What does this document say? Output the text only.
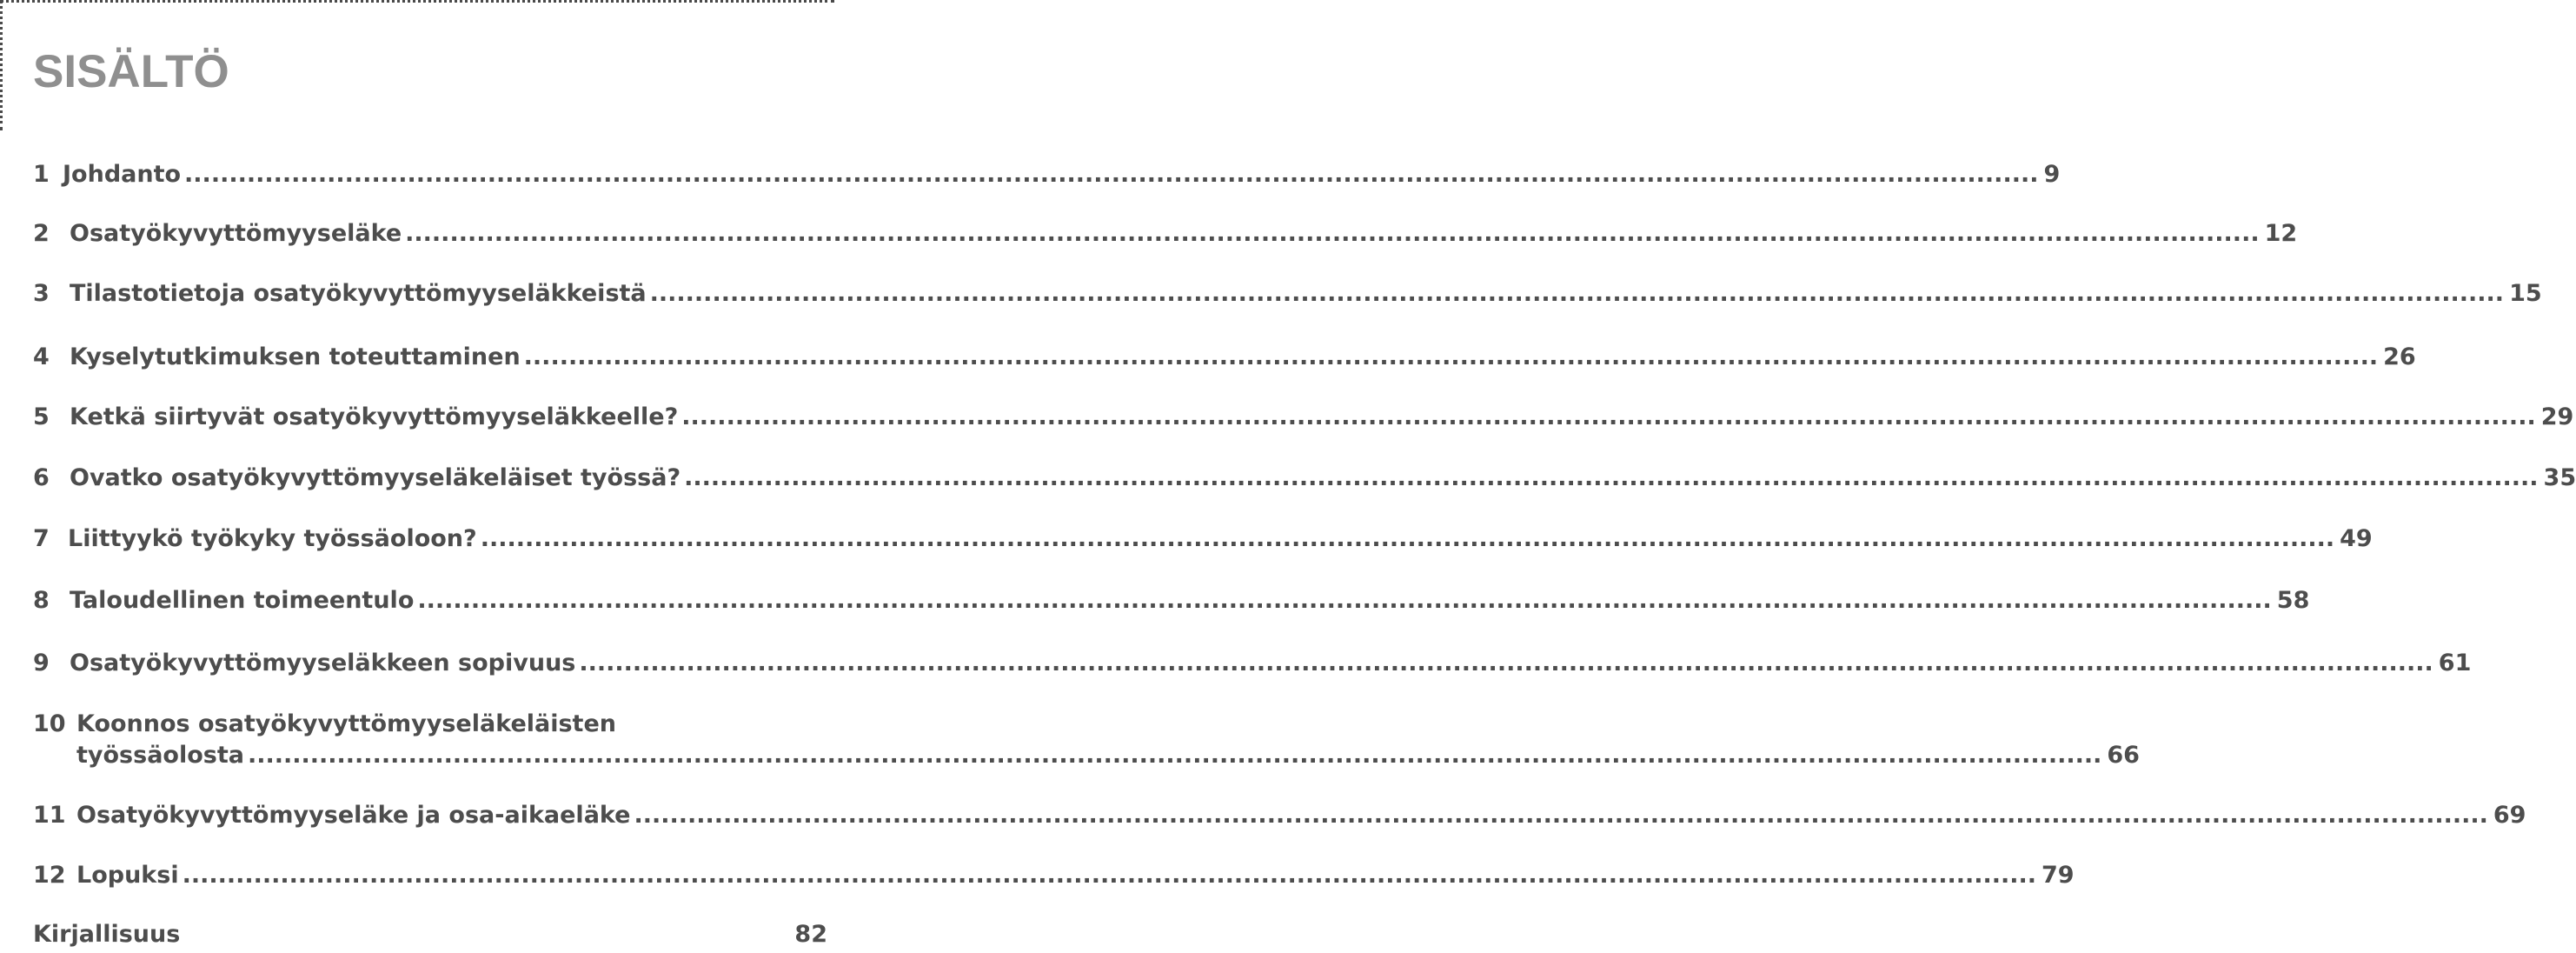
SISÄLTÖ
1 Johdanto .....	9
2 Osatyökyvyttömyyseläke .....	12
3 Tilastotietoja osatyökyvyttömyyseläkkeistä .....	15
4 Kyselytutkimuksen toteuttaminen .....	26
5 Ketkä siirtyvät osatyökyvyttömyyseläkkeelle? .....	29
6 Ovatko osatyökyvyttömyyseläkeläiset työssä? .....	35
7 Liittyykö työkyky työssäoloon? .....	49
8 Taloudellinen toimeentulo .....	58
9 Osatyökyvyttömyyseläkkeen sopivuus .....	61
10 Koonnos osatyökyvyttömyyseläkeläisten
työssäolosta .....	66
11 Osatyökyvyttömyyseläke ja osa-aikaeläke .....	69
12 Lopuksi .....	79
Kirjallisuus	82
